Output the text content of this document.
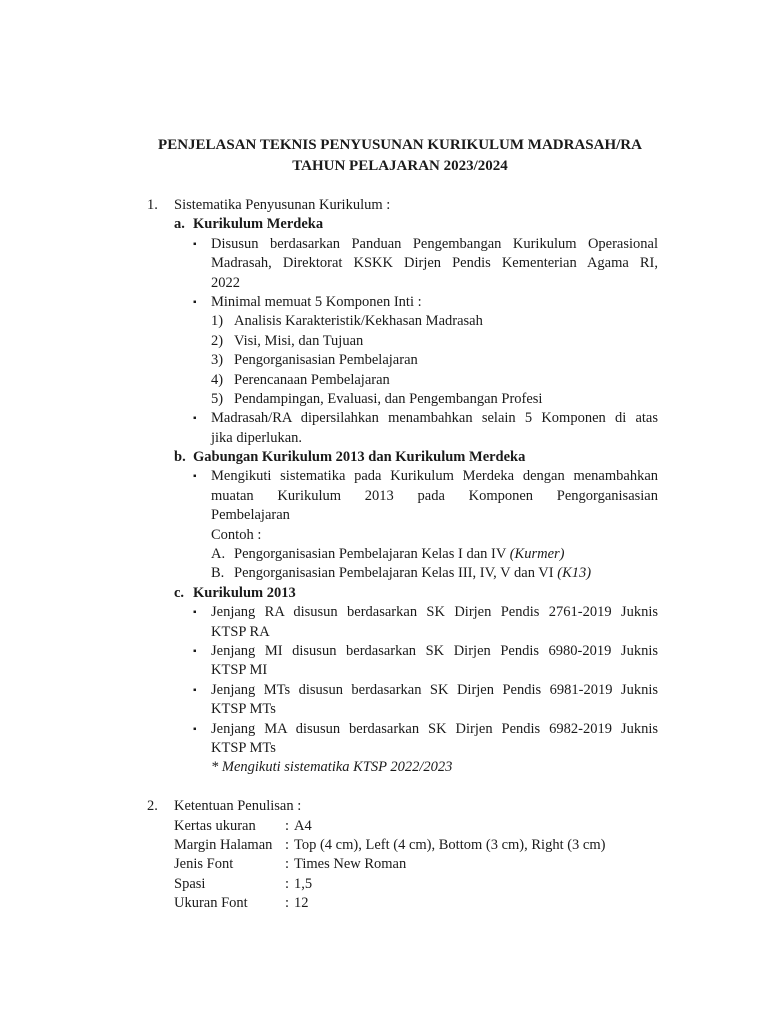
PENJELASAN TEKNIS PENYUSUNAN KURIKULUM MADRASAH/RA
TAHUN PELAJARAN 2023/2024
1. Sistematika Penyusunan Kurikulum :
a. Kurikulum Merdeka
▪ Disusun berdasarkan Panduan Pengembangan Kurikulum Operasional
Madrasah, Direktorat KSKK Dirjen Pendis Kementerian Agama RI,
2022
▪ Minimal memuat 5 Komponen Inti :
1) Analisis Karakteristik/Kekhasan Madrasah
2) Visi, Misi, dan Tujuan
3) Pengorganisasian Pembelajaran
4) Perencanaan Pembelajaran
5) Pendampingan, Evaluasi, dan Pengembangan Profesi
▪ Madrasah/RA dipersilahkan menambahkan selain 5 Komponen di atas
jika diperlukan.
b. Gabungan Kurikulum 2013 dan Kurikulum Merdeka
▪ Mengikuti sistematika pada Kurikulum Merdeka dengan menambahkan
muatan Kurikulum 2013 pada Komponen Pengorganisasian
Pembelajaran
Contoh :
A. Pengorganisasian Pembelajaran Kelas I dan IV (Kurmer)
B. Pengorganisasian Pembelajaran Kelas III, IV, V dan VI (K13)
c. Kurikulum 2013
▪ Jenjang RA disusun berdasarkan SK Dirjen Pendis 2761-2019 Juknis
KTSP RA
▪ Jenjang MI disusun berdasarkan SK Dirjen Pendis 6980-2019 Juknis
KTSP MI
▪ Jenjang MTs disusun berdasarkan SK Dirjen Pendis 6981-2019 Juknis
KTSP MTs
▪ Jenjang MA disusun berdasarkan SK Dirjen Pendis 6982-2019 Juknis
KTSP MTs
* Mengikuti sistematika KTSP 2022/2023
2. Ketentuan Penulisan :
Kertas ukuran : A4
Margin Halaman : Top (4 cm), Left (4 cm), Bottom (3 cm), Right (3 cm)
Jenis Font	: Times New Roman
Spasi	: 1,5
Ukuran Font	: 12
